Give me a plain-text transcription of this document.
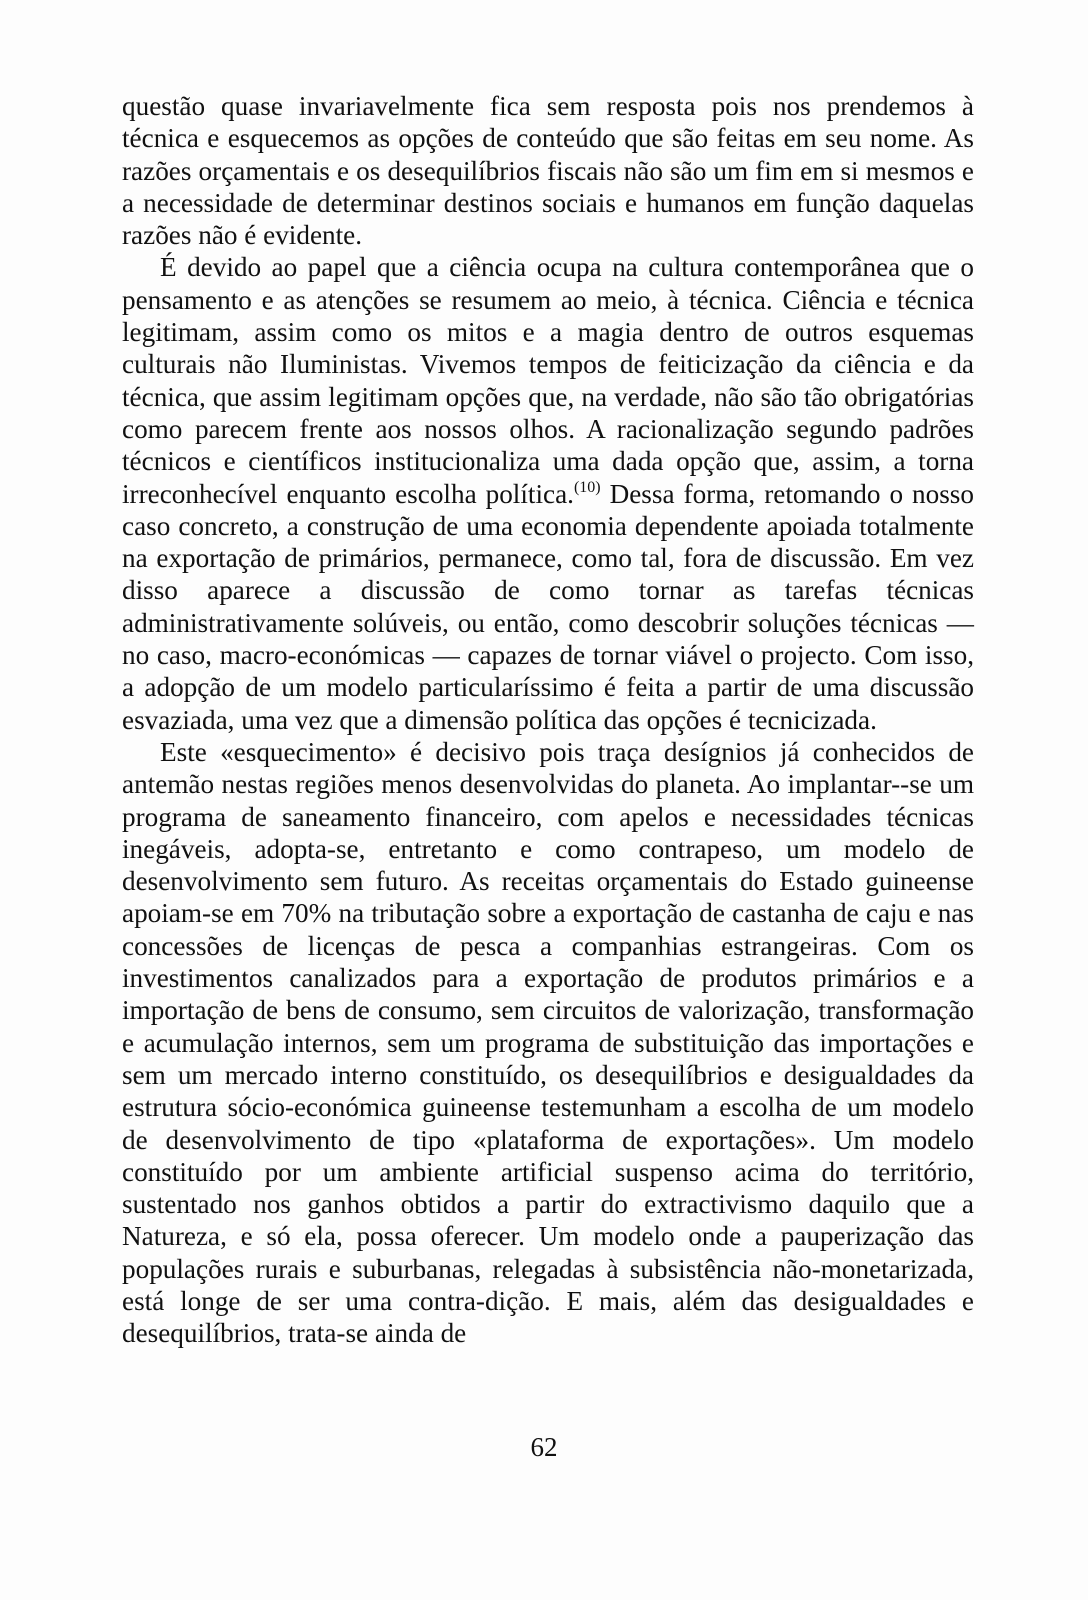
questão quase invariavelmente fica sem resposta pois nos prendemos à técnica e esquecemos as opções de conteúdo que são feitas em seu nome. As razões orçamentais e os desequilíbrios fiscais não são um fim em si mesmos e a necessidade de determinar destinos sociais e humanos em função daquelas razões não é evidente.

É devido ao papel que a ciência ocupa na cultura contemporânea que o pensamento e as atenções se resumem ao meio, à técnica. Ciência e técnica legitimam, assim como os mitos e a magia dentro de outros esquemas culturais não Iluministas. Vivemos tempos de feiticização da ciência e da técnica, que assim legitimam opções que, na verdade, não são tão obrigatórias como parecem frente aos nossos olhos. A racionalização segundo padrões técnicos e científicos institucionaliza uma dada opção que, assim, a torna irreconhecível enquanto escolha política.$^{(10)}$ Dessa forma, retomando o nosso caso concreto, a construção de uma economia dependente apoiada totalmente na exportação de primários, permanece, como tal, fora de discussão. Em vez disso aparece a discussão de como tornar as tarefas técnicas administrativamente solúveis, ou então, como descobrir soluções técnicas — no caso, macro-económicas — capazes de tornar viável o projecto. Com isso, a adopção de um modelo particularíssimo é feita a partir de uma discussão esvaziada, uma vez que a dimensão política das opções é tecnicizada.

Este «esquecimento» é decisivo pois traça desígnios já conhecidos de antemão nestas regiões menos desenvolvidas do planeta. Ao implantar--se um programa de saneamento financeiro, com apelos e necessidades técnicas inegáveis, adopta-se, entretanto e como contrapeso, um modelo de desenvolvimento sem futuro. As receitas orçamentais do Estado guineense apoiam-se em 70% na tributação sobre a exportação de castanha de caju e nas concessões de licenças de pesca a companhias estrangeiras. Com os investimentos canalizados para a exportação de produtos primários e a importação de bens de consumo, sem circuitos de valorização, transformação e acumulação internos, sem um programa de substituição das importações e sem um mercado interno constituído, os desequilíbrios e desigualdades da estrutura sócio-económica guineense testemunham a escolha de um modelo de desenvolvimento de tipo «plataforma de exportações». Um modelo constituído por um ambiente artificial suspenso acima do território, sustentado nos ganhos obtidos a partir do extractivismo daquilo que a Natureza, e só ela, possa oferecer. Um modelo onde a pauperização das populações rurais e suburbanas, relegadas à subsistência não-monetarizada, está longe de ser uma contra-dição. E mais, além das desigualdades e desequilíbrios, trata-se ainda de

62
